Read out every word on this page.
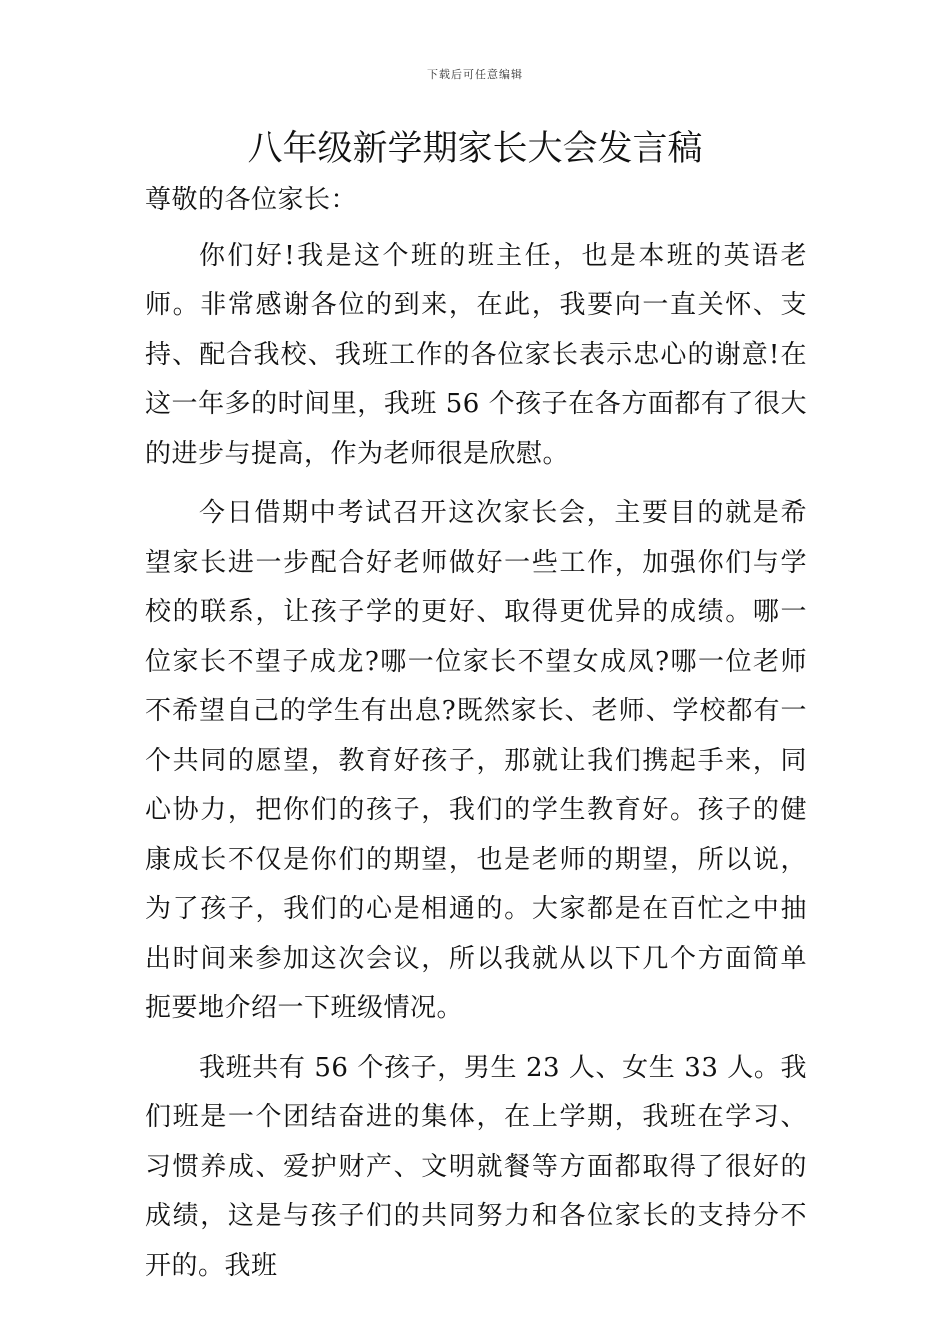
下载后可任意编辑
八年级新学期家长大会发言稿

尊敬的各位家长：

你们好!我是这个班的班主任，也是本班的英语老师。非常感谢各位的到来，在此，我要向一直关怀、支持、配合我校、我班工作的各位家长表示忠心的谢意!在这一年多的时间里，我班 56 个孩子在各方面都有了很大的进步与提高，作为老师很是欣慰。

今日借期中考试召开这次家长会，主要目的就是希望家长进一步配合好老师做好一些工作，加强你们与学校的联系，让孩子学的更好、取得更优异的成绩。哪一位家长不望子成龙?哪一位家长不望女成凤?哪一位老师不希望自己的学生有出息?既然家长、老师、学校都有一个共同的愿望，教育好孩子，那就让我们携起手来，同心协力，把你们的孩子，我们的学生教育好。孩子的健康成长不仅是你们的期望，也是老师的期望，所以说，为了孩子，我们的心是相通的。大家都是在百忙之中抽出时间来参加这次会议，所以我就从以下几个方面简单扼要地介绍一下班级情况。

我班共有 56 个孩子，男生 23 人、女生 33 人。我们班是一个团结奋进的集体，在上学期，我班在学习、习惯养成、爱护财产、文明就餐等方面都取得了很好的成绩，这是与孩子们的共同努力和各位家长的支持分不开的。我班
